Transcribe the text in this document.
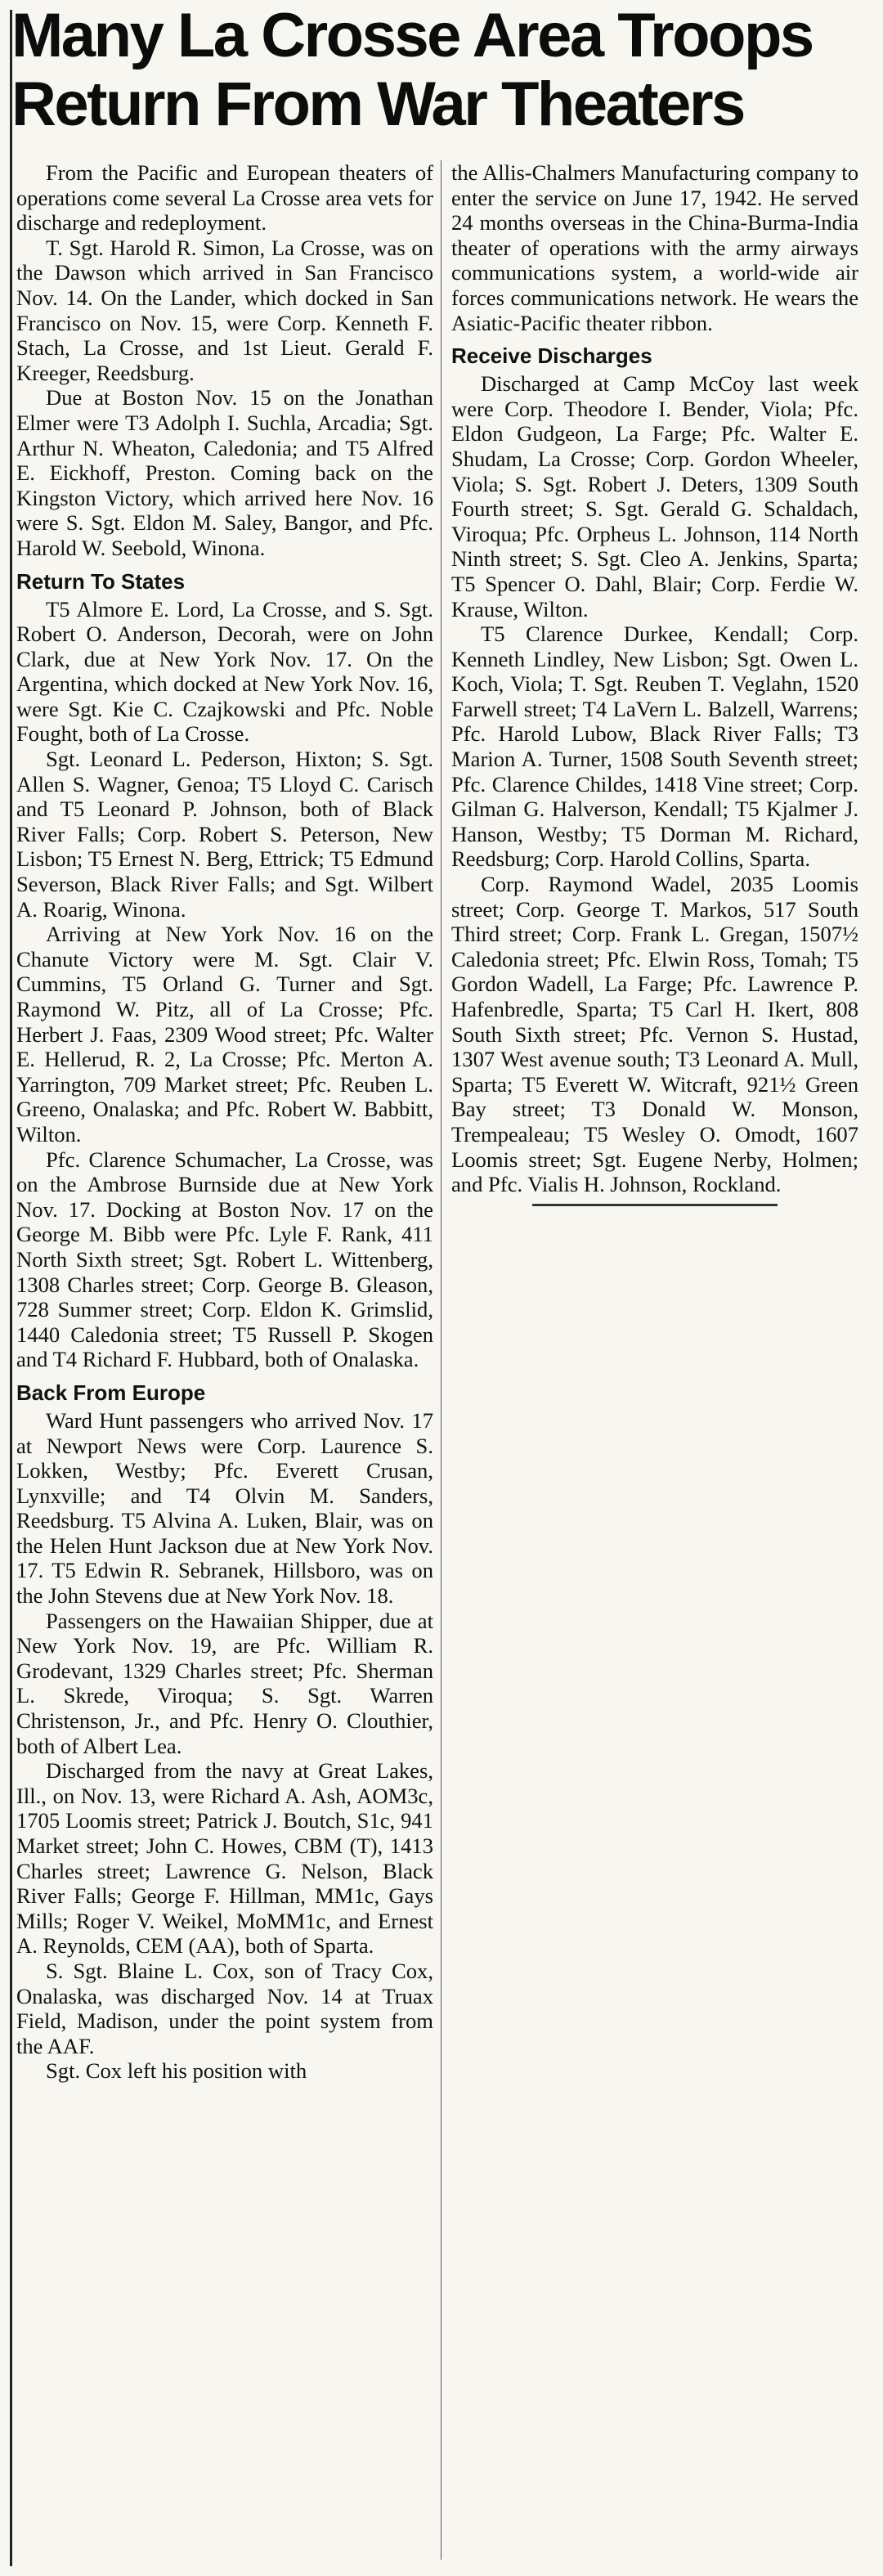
Many La Crosse Area Troops
Return From War Theaters

From the Pacific and European theaters of operations come several La Crosse area vets for discharge and redeployment.

T. Sgt. Harold R. Simon, La Crosse, was on the Dawson which arrived in San Francisco Nov. 14. On the Lander, which docked in San Francisco on Nov. 15, were Corp. Kenneth F. Stach, La Crosse, and 1st Lieut. Gerald F. Kreeger, Reedsburg.

Due at Boston Nov. 15 on the Jonathan Elmer were T3 Adolph I. Suchla, Arcadia; Sgt. Arthur N. Wheaton, Caledonia; and T5 Alfred E. Eickhoff, Preston. Coming back on the Kingston Victory, which arrived here Nov. 16 were S. Sgt. Eldon M. Saley, Bangor, and Pfc. Harold W. Seebold, Winona.

Return To States

T5 Almore E. Lord, La Crosse, and S. Sgt. Robert O. Anderson, Decorah, were on John Clark, due at New York Nov. 17. On the Argentina, which docked at New York Nov. 16, were Sgt. Kie C. Czajkowski and Pfc. Noble Fought, both of La Crosse.

Sgt. Leonard L. Pederson, Hixton; S. Sgt. Allen S. Wagner, Genoa; T5 Lloyd C. Carisch and T5 Leonard P. Johnson, both of Black River Falls; Corp. Robert S. Peterson, New Lisbon; T5 Ernest N. Berg, Ettrick; T5 Edmund Severson, Black River Falls; and Sgt. Wilbert A. Roarig, Winona.

Arriving at New York Nov. 16 on the Chanute Victory were M. Sgt. Clair V. Cummins, T5 Orland G. Turner and Sgt. Raymond W. Pitz, all of La Crosse; Pfc. Herbert J. Faas, 2309 Wood street; Pfc. Walter E. Hellerud, R. 2, La Crosse; Pfc. Merton A. Yarrington, 709 Market street; Pfc. Reuben L. Greeno, Onalaska; and Pfc. Robert W. Babbitt, Wilton.

Pfc. Clarence Schumacher, La Crosse, was on the Ambrose Burnside due at New York Nov. 17. Docking at Boston Nov. 17 on the George M. Bibb were Pfc. Lyle F. Rank, 411 North Sixth street; Sgt. Robert L. Wittenberg, 1308 Charles street; Corp. George B. Gleason, 728 Summer street; Corp. Eldon K. Grimslid, 1440 Caledonia street; T5 Russell P. Skogen and T4 Richard F. Hubbard, both of Onalaska.

Back From Europe

Ward Hunt passengers who arrived Nov. 17 at Newport News were Corp. Laurence S. Lokken, Westby; Pfc. Everett Crusan, Lynxville; and T4 Olvin M. Sanders, Reedsburg. T5 Alvina A. Luken, Blair, was on the Helen Hunt Jackson due at New York Nov. 17. T5 Edwin R. Sebranek, Hillsboro, was on the John Stevens due at New York Nov. 18.

Passengers on the Hawaiian Shipper, due at New York Nov. 19, are Pfc. William R. Grodevant, 1329 Charles street; Pfc. Sherman L. Skrede, Viroqua; S. Sgt. Warren Christenson, Jr., and Pfc. Henry O. Clouthier, both of Albert Lea.

Discharged from the navy at Great Lakes, Ill., on Nov. 13, were Richard A. Ash, AOM3c, 1705 Loomis street; Patrick J. Boutch, S1c, 941 Market street; John C. Howes, CBM (T), 1413 Charles street; Lawrence G. Nelson, Black River Falls; George F. Hillman, MM1c, Gays Mills; Roger V. Weikel, MoMM1c, and Ernest A. Reynolds, CEM (AA), both of Sparta.

S. Sgt. Blaine L. Cox, son of Tracy Cox, Onalaska, was discharged Nov. 14 at Truax Field, Madison, under the point system from the AAF.

Sgt. Cox left his position with

the Allis-Chalmers Manufacturing company to enter the service on June 17, 1942. He served 24 months overseas in the China-Burma-India theater of operations with the army airways communications system, a world-wide air forces communications network. He wears the Asiatic-Pacific theater ribbon.

Receive Discharges

Discharged at Camp McCoy last week were Corp. Theodore I. Bender, Viola; Pfc. Eldon Gudgeon, La Farge; Pfc. Walter E. Shudam, La Crosse; Corp. Gordon Wheeler, Viola; S. Sgt. Robert J. Deters, 1309 South Fourth street; S. Sgt. Gerald G. Schaldach, Viroqua; Pfc. Orpheus L. Johnson, 114 North Ninth street; S. Sgt. Cleo A. Jenkins, Sparta; T5 Spencer O. Dahl, Blair; Corp. Ferdie W. Krause, Wilton.

T5 Clarence Durkee, Kendall; Corp. Kenneth Lindley, New Lisbon; Sgt. Owen L. Koch, Viola; T. Sgt. Reuben T. Veglahn, 1520 Farwell street; T4 LaVern L. Balzell, Warrens; Pfc. Harold Lubow, Black River Falls; T3 Marion A. Turner, 1508 South Seventh street; Pfc. Clarence Childes, 1418 Vine street; Corp. Gilman G. Halverson, Kendall; T5 Kjalmer J. Hanson, Westby; T5 Dorman M. Richard, Reedsburg; Corp. Harold Collins, Sparta.

Corp. Raymond Wadel, 2035 Loomis street; Corp. George T. Markos, 517 South Third street; Corp. Frank L. Gregan, 1507½ Caledonia street; Pfc. Elwin Ross, Tomah; T5 Gordon Wadell, La Farge; Pfc. Lawrence P. Hafenbredle, Sparta; T5 Carl H. Ikert, 808 South Sixth street; Pfc. Vernon S. Hustad, 1307 West avenue south; T3 Leonard A. Mull, Sparta; T5 Everett W. Witcraft, 921½ Green Bay street; T3 Donald W. Monson, Trempealeau; T5 Wesley O. Omodt, 1607 Loomis street; Sgt. Eugene Nerby, Holmen; and Pfc. Vialis H. Johnson, Rockland.
